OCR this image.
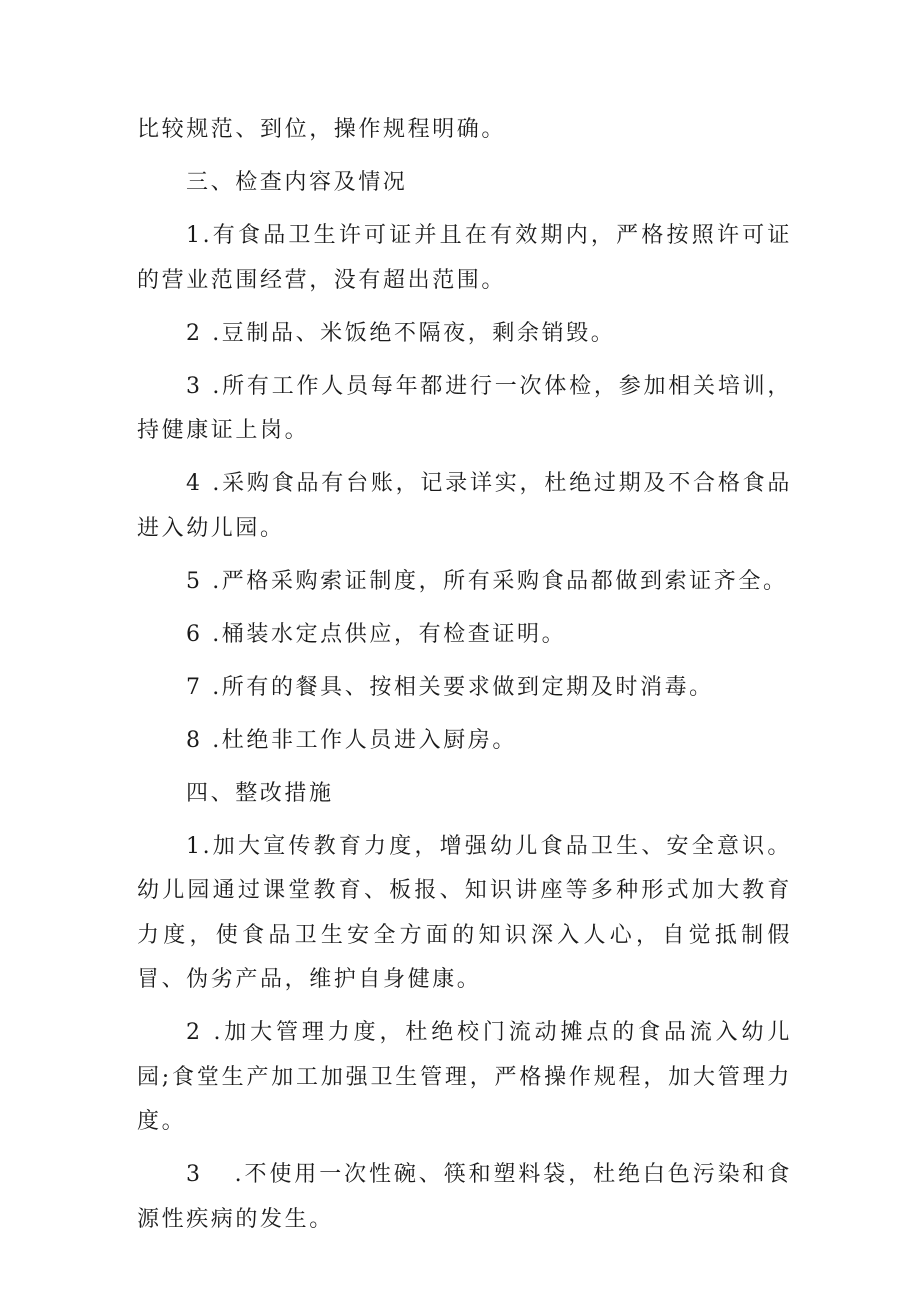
比较规范、到位，操作规程明确。

三、检查内容及情况

1.有食品卫生许可证并且在有效期内，严格按照许可证的营业范围经营，没有超出范围。

2 .豆制品、米饭绝不隔夜，剩余销毁。

3 .所有工作人员每年都进行一次体检，参加相关培训，持健康证上岗。

4 .采购食品有台账，记录详实，杜绝过期及不合格食品进入幼儿园。

5 .严格采购索证制度，所有采购食品都做到索证齐全。

6 .桶装水定点供应，有检查证明。

7 .所有的餐具、按相关要求做到定期及时消毒。

8 .杜绝非工作人员进入厨房。

四、整改措施

1.加大宣传教育力度，增强幼儿食品卫生、安全意识。幼儿园通过课堂教育、板报、知识讲座等多种形式加大教育力度，使食品卫生安全方面的知识深入人心，自觉抵制假冒、伪劣产品，维护自身健康。

2 .加大管理力度，杜绝校门流动摊点的食品流入幼儿园;食堂生产加工加强卫生管理，严格操作规程，加大管理力度。

3 .不使用一次性碗、筷和塑料袋，杜绝白色污染和食源性疾病的发生。
